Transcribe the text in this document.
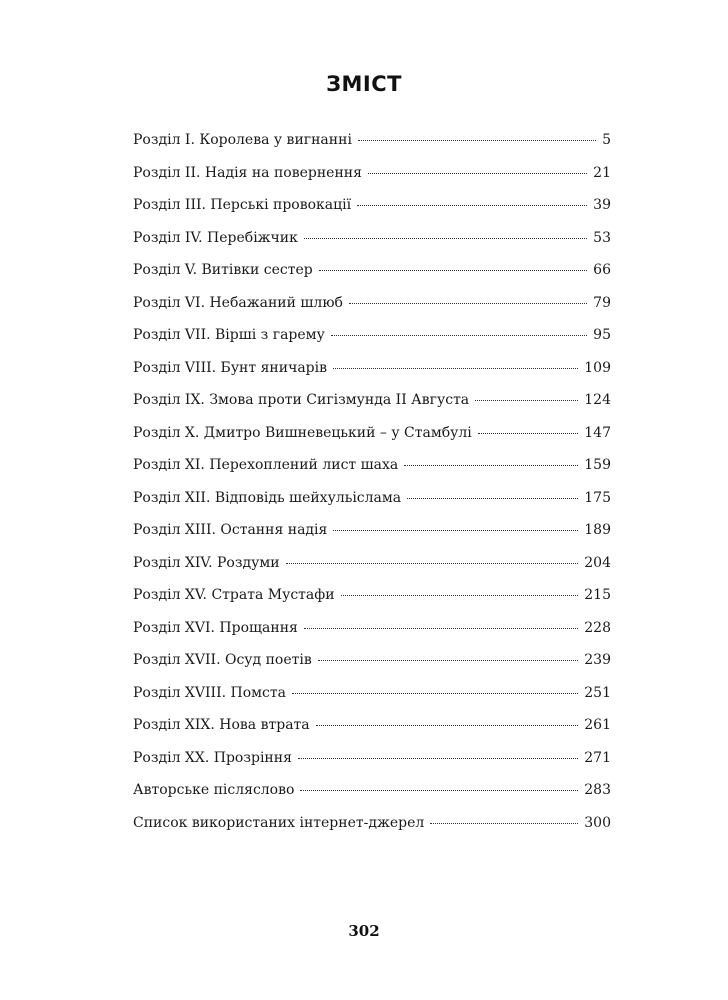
ЗМІСТ
Розділ I. Королева у вигнанні	5
Розділ II. Надія на повернення	21
Розділ III. Перські провокації	39
Розділ IV. Перебіжчик	53
Розділ V. Витівки сестер	66
Розділ VI. Небажаний шлюб	79
Розділ VII. Вірші з гарему	95
Розділ VIII. Бунт яничарів	109
Розділ IX. Змова проти Сигізмунда ІІ Августа	124
Розділ X. Дмитро Вишневецький – у Стамбулі	147
Розділ XI. Перехоплений лист шаха	159
Розділ XII. Відповідь шейхульіслама	175
Розділ XIII. Остання надія	189
Розділ XIV. Роздуми	204
Розділ XV. Страта Мустафи	215
Розділ XVI. Прощання	228
Розділ XVII. Осуд поетів	239
Розділ XVIII. Помста	251
Розділ XIX. Нова втрата	261
Розділ XX. Прозріння	271
Авторське післяслово	283
Список використаних інтернет-джерел	300
302
